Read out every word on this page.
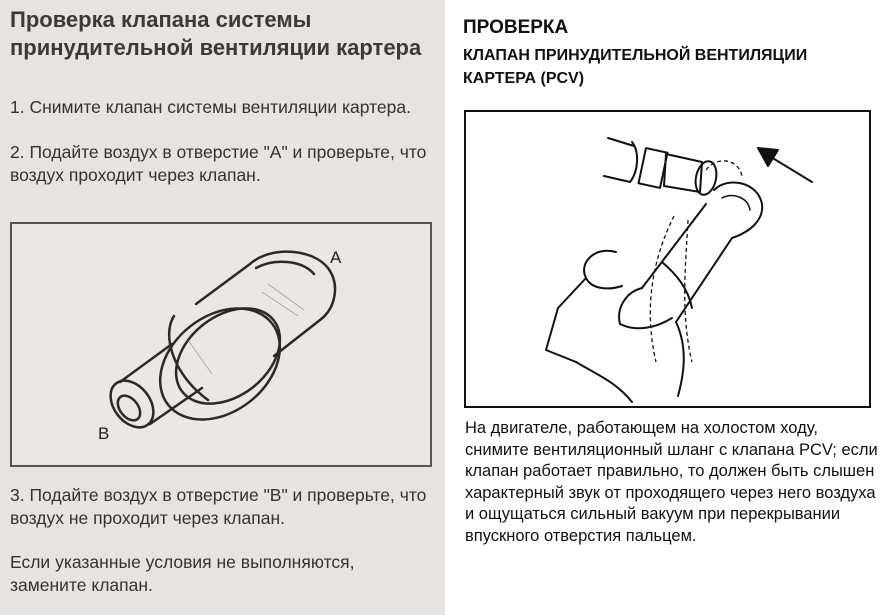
Проверка клапана системы принудительной вентиляции картера
1. Снимите клапан системы вентиляции картера.
2. Подайте воздух в отверстие "А" и проверьте, что воздух проходит через клапан.
A
B
3. Подайте воздух в отверстие "В" и проверьте, что воздух не проходит через клапан.
Если указанные условия не выполняются, замените клапан.
ПРОВЕРКА
КЛАПАН ПРИНУДИТЕЛЬНОЙ ВЕНТИЛЯЦИИ КАРТЕРА (PCV)
На двигателе, работающем на холостом ходу, снимите вентиляционный шланг с клапана PCV; если клапан работает правильно, то должен быть слышен характерный звук от проходящего через него воздуха и ощущаться сильный вакуум при перекрывании впускного отверстия пальцем.
